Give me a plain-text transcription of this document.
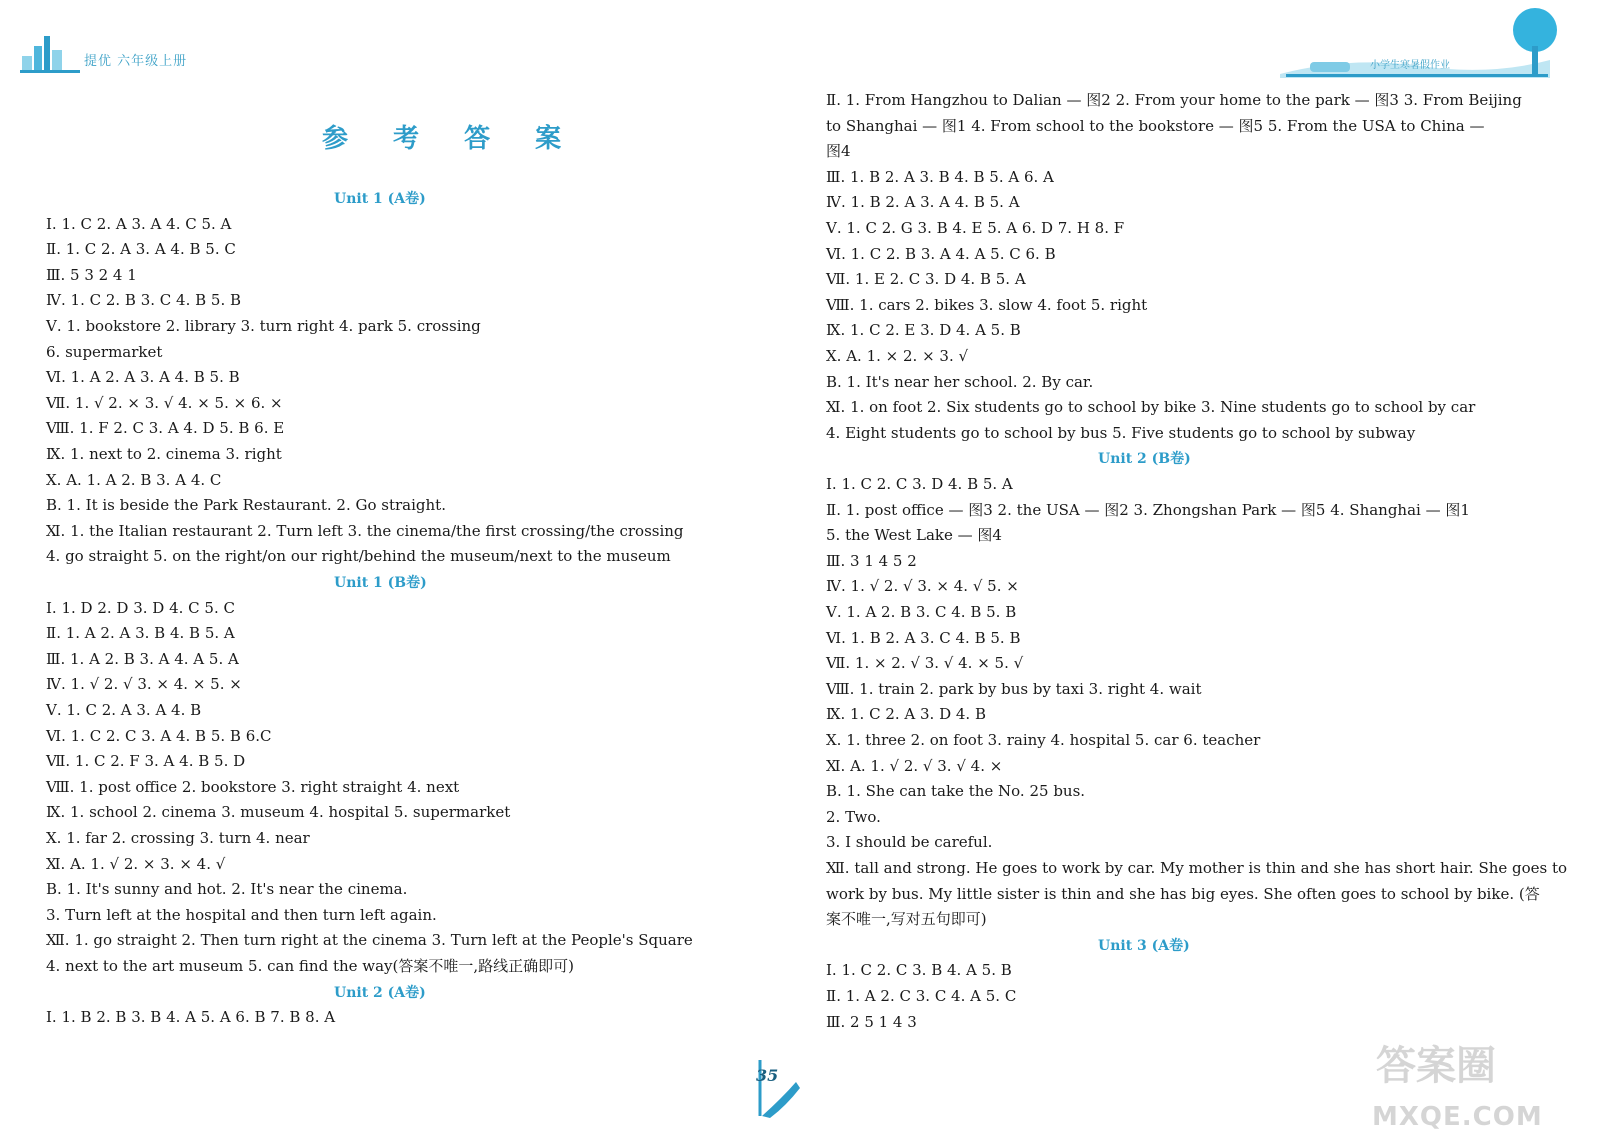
提优 六年级上册	小学生寒暑假作业
参 考 答 案
Unit 1 (A卷)
Ⅰ. 1. C 2. A 3. A 4. C 5. A
Ⅱ. 1. C 2. A 3. A 4. B 5. C
Ⅲ. 5 3 2 4 1
Ⅳ. 1. C 2. B 3. C 4. B 5. B
Ⅴ. 1. bookstore 2. library 3. turn right 4. park 5. crossing
6. supermarket
Ⅵ. 1. A 2. A 3. A 4. B 5. B
Ⅶ. 1. √ 2. × 3. √ 4. × 5. × 6. ×
Ⅷ. 1. F 2. C 3. A 4. D 5. B 6. E
Ⅸ. 1. next to 2. cinema 3. right
Ⅹ. A. 1. A 2. B 3. A 4. C
B. 1. It is beside the Park Restaurant. 2. Go straight.
Ⅺ. 1. the Italian restaurant 2. Turn left 3. the cinema/the first crossing/the crossing
4. go straight 5. on the right/on our right/behind the museum/next to the museum
Unit 1 (B卷)
Ⅰ. 1. D 2. D 3. D 4. C 5. C
Ⅱ. 1. A 2. A 3. B 4. B 5. A
Ⅲ. 1. A 2. B 3. A 4. A 5. A
Ⅳ. 1. √ 2. √ 3. × 4. × 5. ×
Ⅴ. 1. C 2. A 3. A 4. B
Ⅵ. 1. C 2. C 3. A 4. B 5. B 6.C
Ⅶ. 1. C 2. F 3. A 4. B 5. D
Ⅷ. 1. post office 2. bookstore 3. right straight 4. next
Ⅸ. 1. school 2. cinema 3. museum 4. hospital 5. supermarket
Ⅹ. 1. far 2. crossing 3. turn 4. near
Ⅺ. A. 1. √ 2. × 3. × 4. √
B. 1. It's sunny and hot. 2. It's near the cinema.
3. Turn left at the hospital and then turn left again.
Ⅻ. 1. go straight 2. Then turn right at the cinema 3. Turn left at the People's Square
4. next to the art museum 5. can find the way(答案不唯一,路线正确即可)
Unit 2 (A卷)
Ⅰ. 1. B 2. B 3. B 4. A 5. A 6. B 7. B 8. A
Ⅱ. 1. From Hangzhou to Dalian — 图2 2. From your home to the park — 图3 3. From Beijing
to Shanghai — 图1 4. From school to the bookstore — 图5 5. From the USA to China —
图4
Ⅲ. 1. B 2. A 3. B 4. B 5. A 6. A
Ⅳ. 1. B 2. A 3. A 4. B 5. A
Ⅴ. 1. C 2. G 3. B 4. E 5. A 6. D 7. H 8. F
Ⅵ. 1. C 2. B 3. A 4. A 5. C 6. B
Ⅶ. 1. E 2. C 3. D 4. B 5. A
Ⅷ. 1. cars 2. bikes 3. slow 4. foot 5. right
Ⅸ. 1. C 2. E 3. D 4. A 5. B
Ⅹ. A. 1. × 2. × 3. √
B. 1. It's near her school. 2. By car.
Ⅺ. 1. on foot 2. Six students go to school by bike 3. Nine students go to school by car
4. Eight students go to school by bus 5. Five students go to school by subway
Unit 2 (B卷)
Ⅰ. 1. C 2. C 3. D 4. B 5. A
Ⅱ. 1. post office — 图3 2. the USA — 图2 3. Zhongshan Park — 图5 4. Shanghai — 图1
5. the West Lake — 图4
Ⅲ. 3 1 4 5 2
Ⅳ. 1. √ 2. √ 3. × 4. √ 5. ×
Ⅴ. 1. A 2. B 3. C 4. B 5. B
Ⅵ. 1. B 2. A 3. C 4. B 5. B
Ⅶ. 1. × 2. √ 3. √ 4. × 5. √
Ⅷ. 1. train 2. park by bus by taxi 3. right 4. wait
Ⅸ. 1. C 2. A 3. D 4. B
Ⅹ. 1. three 2. on foot 3. rainy 4. hospital 5. car 6. teacher
Ⅺ. A. 1. √ 2. √ 3. √ 4. ×
B. 1. She can take the No. 25 bus.
2. Two.
3. I should be careful.
Ⅻ. tall and strong. He goes to work by car. My mother is thin and she has short hair. She goes to
work by bus. My little sister is thin and she has big eyes. She often goes to school by bike. (答
案不唯一,写对五句即可)
Unit 3 (A卷)
Ⅰ. 1. C 2. C 3. B 4. A 5. B
Ⅱ. 1. A 2. C 3. C 4. A 5. C
Ⅲ. 2 5 1 4 3
35	答案圈
MXQE.COM
